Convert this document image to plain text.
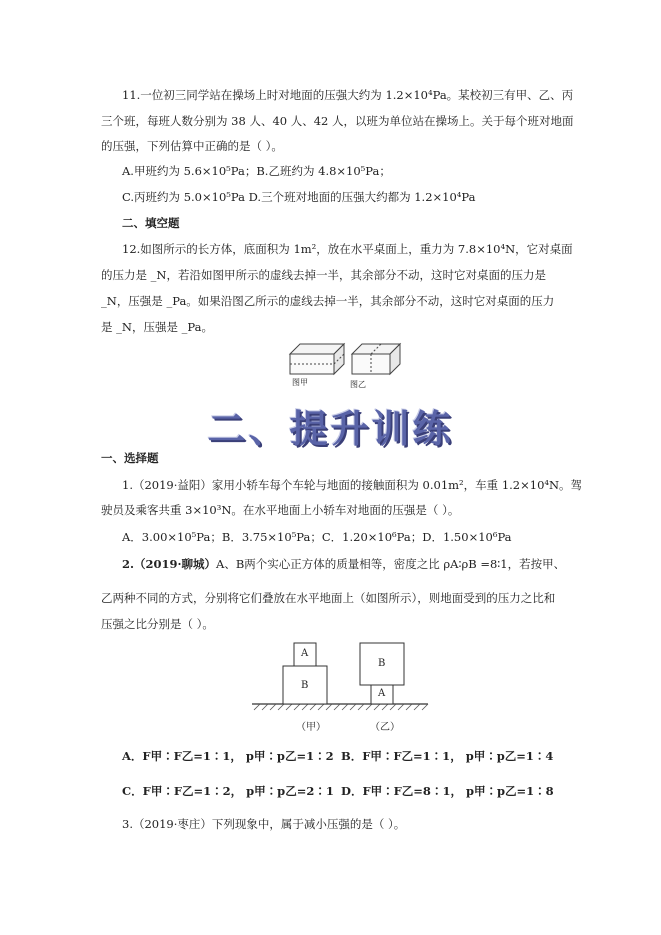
11.一位初三同学站在操场上时对地面的压强大约为 1.2×10⁴Pa。某校初三有甲、乙、丙
三个班，每班人数分别为 38 人、40 人、42 人，以班为单位站在操场上。关于每个班对地面
的压强，下列估算中正确的是（ ）。
A.甲班约为 5.6×10⁵Pa；B.乙班约为 4.8×10⁵Pa；
C.丙班约为 5.0×10⁵Pa D.三个班对地面的压强大约都为 1.2×10⁴Pa
二、填空题
12.如图所示的长方体，底面积为 1m²，放在水平桌面上，重力为 7.8×10⁴N，它对桌面
的压力是 _N，若沿如图甲所示的虚线去掉一半，其余部分不动，这时它对桌面的压力是
_N，压强是 _Pa。如果沿图乙所示的虚线去掉一半，其余部分不动，这时它对桌面的压力
是 _N，压强是 _Pa。
图甲	图乙
二、提升训练
一、选择题
1.（2019·益阳）家用小轿车每个车轮与地面的接触面积为 0.01m²，车重 1.2×10⁴N。驾
驶员及乘客共重 3×10³N。在水平地面上小轿车对地面的压强是（ ）。
A．3.00×10⁵Pa；B．3.75×10⁵Pa；C．1.20×10⁶Pa；D．1.50×10⁶Pa
2.（2019·聊城）A、B两个实心正方体的质量相等，密度之比 ρA∶ρB =8∶1，若按甲、
乙两种不同的方式，分别将它们叠放在水平地面上（如图所示），则地面受到的压力之比和
压强之比分别是（ ）。
A
B
B
A
（甲）	（乙）
A．F甲∶F乙=1∶1， p甲∶p乙=1∶2 B．F甲∶F乙=1∶1， p甲∶p乙=1∶4
C．F甲∶F乙=1∶2， p甲∶p乙=2∶1 D．F甲∶F乙=8∶1， p甲∶p乙=1∶8
3.（2019·枣庄）下列现象中，属于减小压强的是（ ）。
